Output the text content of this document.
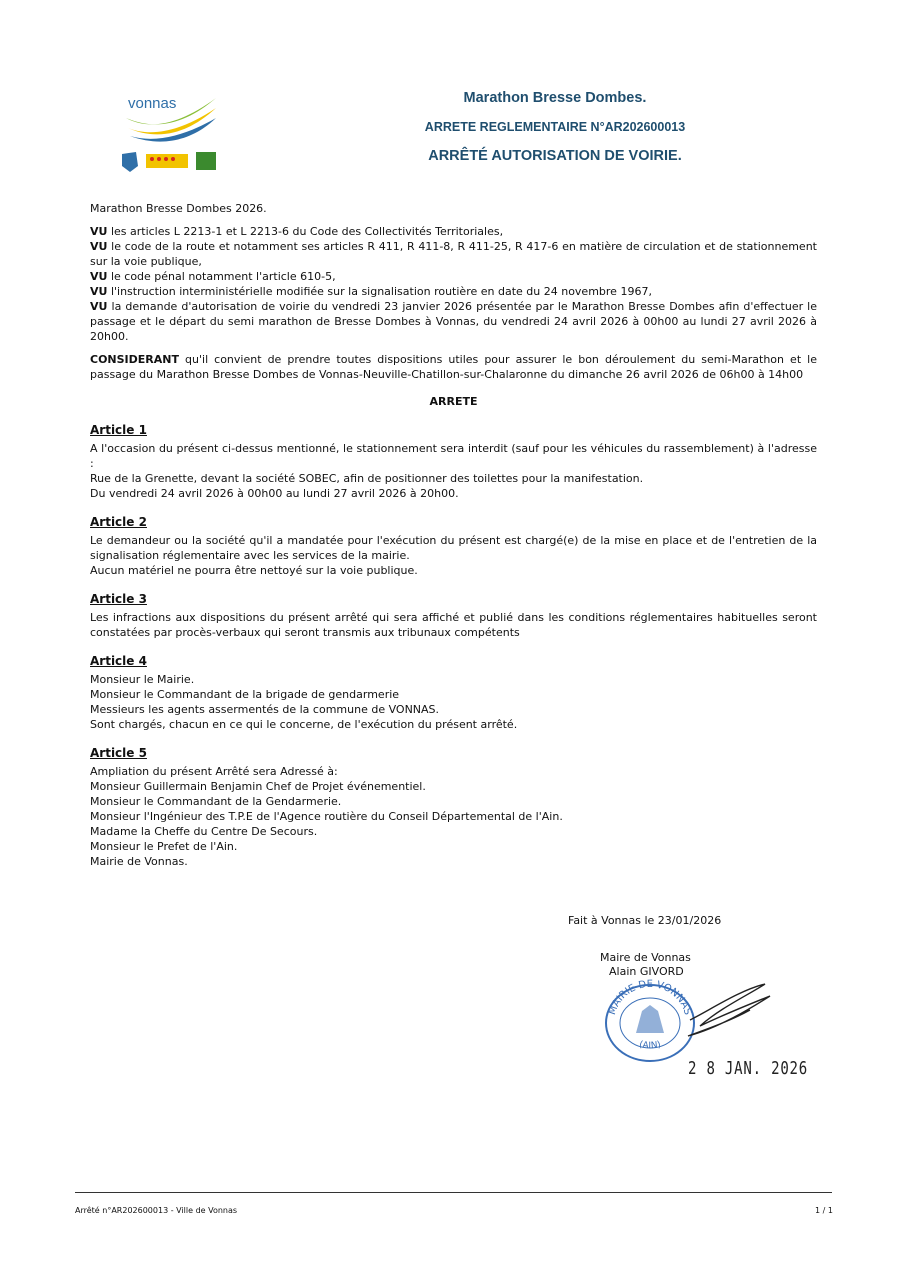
vonnas	Marathon Bresse Dombes.
ARRETE REGLEMENTAIRE N°AR202600013
ARRÊTÉ AUTORISATION DE VOIRIE.

Marathon Bresse Dombes 2026.

VU les articles L 2213-1 et L 2213-6 du Code des Collectivités Territoriales,

VU le code de la route et notamment ses articles R 411, R 411-8, R 411-25, R 417-6 en matière de circulation et de stationnement sur la voie publique,

VU le code pénal notamment l'article 610-5,

VU l'instruction interministérielle modifiée sur la signalisation routière en date du 24 novembre 1967,

VU la demande d'autorisation de voirie du vendredi 23 janvier 2026 présentée par le Marathon Bresse Dombes afin d'effectuer le passage et le départ du semi marathon de Bresse Dombes à Vonnas, du vendredi 24 avril 2026 à 00h00 au lundi 27 avril 2026 à 20h00.

CONSIDERANT qu'il convient de prendre toutes dispositions utiles pour assurer le bon déroulement du semi-Marathon et le passage du Marathon Bresse Dombes de Vonnas-Neuville-Chatillon-sur-Chalaronne du dimanche 26 avril 2026 de 06h00 à 14h00

ARRETE
Article 1

A l'occasion du présent ci-dessus mentionné, le stationnement sera interdit (sauf pour les véhicules du rassemblement) à l'adresse :

Rue de la Grenette, devant la société SOBEC, afin de positionner des toilettes pour la manifestation.

Du vendredi 24 avril 2026 à 00h00 au lundi 27 avril 2026 à 20h00.

Article 2

Le demandeur ou la société qu'il a mandatée pour l'exécution du présent est chargé(e) de la mise en place et de l'entretien de la signalisation réglementaire avec les services de la mairie.

Aucun matériel ne pourra être nettoyé sur la voie publique.

Article 3

Les infractions aux dispositions du présent arrêté qui sera affiché et publié dans les conditions réglementaires habituelles seront constatées par procès-verbaux qui seront transmis aux tribunaux compétents

Article 4

Monsieur le Mairie.

Monsieur le Commandant de la brigade de gendarmerie

Messieurs les agents assermentés de la commune de VONNAS.

Sont chargés, chacun en ce qui le concerne, de l'exécution du présent arrêté.

Article 5

Ampliation du présent Arrêté sera Adressé à:

Monsieur Guillermain Benjamin Chef de Projet événementiel.

Monsieur le Commandant de la Gendarmerie.

Monsieur l'Ingénieur des T.P.E de l'Agence routière du Conseil Départemental de l'Ain.

Madame la Cheffe du Centre De Secours.

Monsieur le Prefet de l'Ain.

Mairie de Vonnas.

Fait à Vonnas le 23/01/2026
Maire de Vonnas
Alain GIVORD
MAIRIE DE VONNAS
(AIN)
2 8 JAN. 2026
Arrêté n°AR202600013 - Ville de Vonnas	1 / 1
